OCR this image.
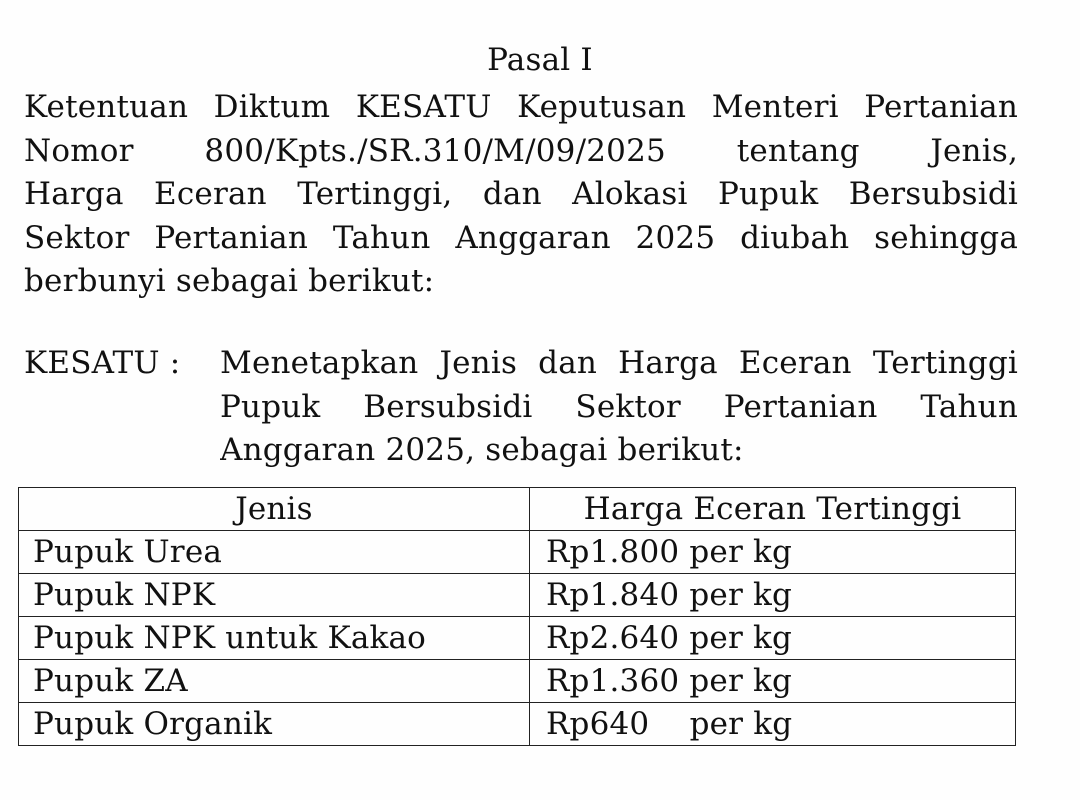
Pasal I
Ketentuan Diktum KESATU Keputusan Menteri Pertanian
Nomor 800/Kpts./SR.310/M/09/2025 tentang Jenis,
Harga Eceran Tertinggi, dan Alokasi Pupuk Bersubsidi
Sektor Pertanian Tahun Anggaran 2025 diubah sehingga
berbunyi sebagai berikut:
KESATU : Menetapkan Jenis dan Harga Eceran Tertinggi
Pupuk Bersubsidi Sektor Pertanian Tahun
Anggaran 2025, sebagai berikut:
Jenis	Harga Eceran Tertinggi
Pupuk Urea	Rp1.800 per kg
Pupuk NPK	Rp1.840 per kg
Pupuk NPK untuk Kakao	Rp2.640 per kg
Pupuk ZA	Rp1.360 per kg
Pupuk Organik	Rp640    per kg
